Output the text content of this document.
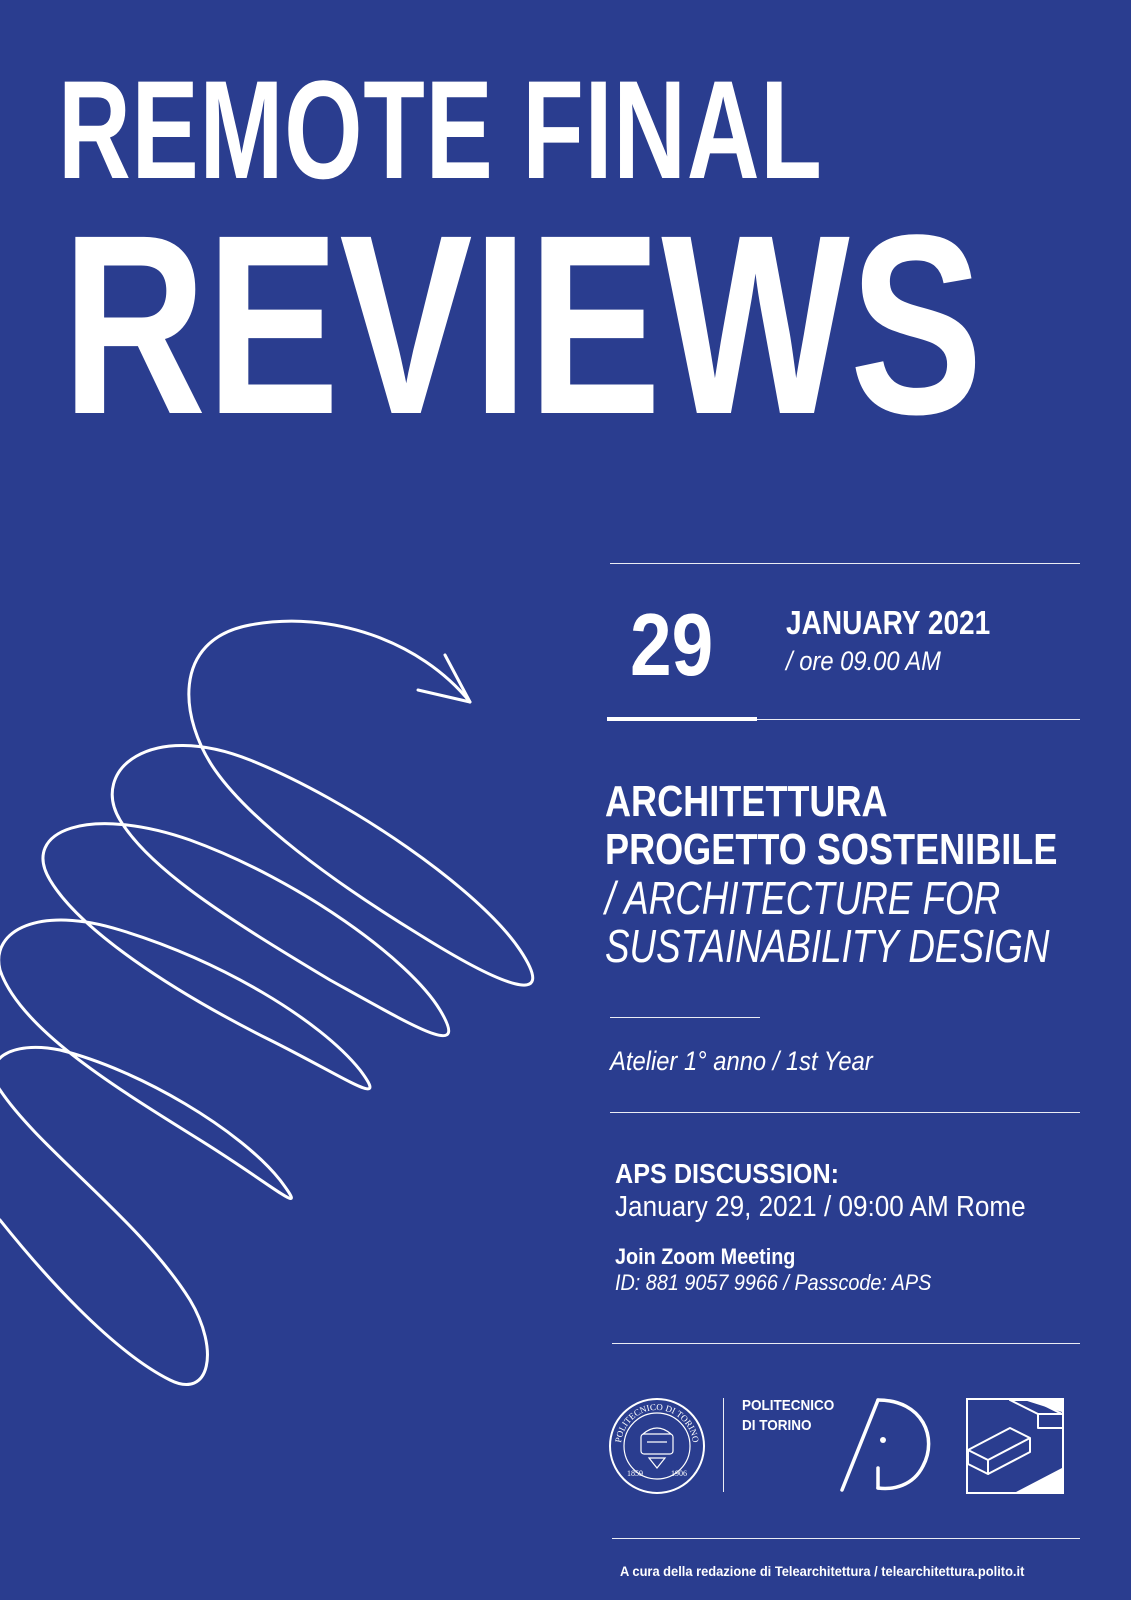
REMOTE FINAL
REVIEWS
29 JANUARY 2021
/ ore 09.00 AM
ARCHITETTURA
PROGETTO SOSTENIBILE
/ ARCHITECTURE FOR
SUSTAINABILITY DESIGN
Atelier 1° anno / 1st Year
APS DISCUSSION:
January 29, 2021 / 09:00 AM Rome
Join Zoom Meeting
ID: 881 9057 9966 / Passcode: APS
POLITECNICO DI TORINO
1859	1906
POLITECNICO
DI TORINO
A cura della redazione di Telearchitettura / telearchitettura.polito.it
